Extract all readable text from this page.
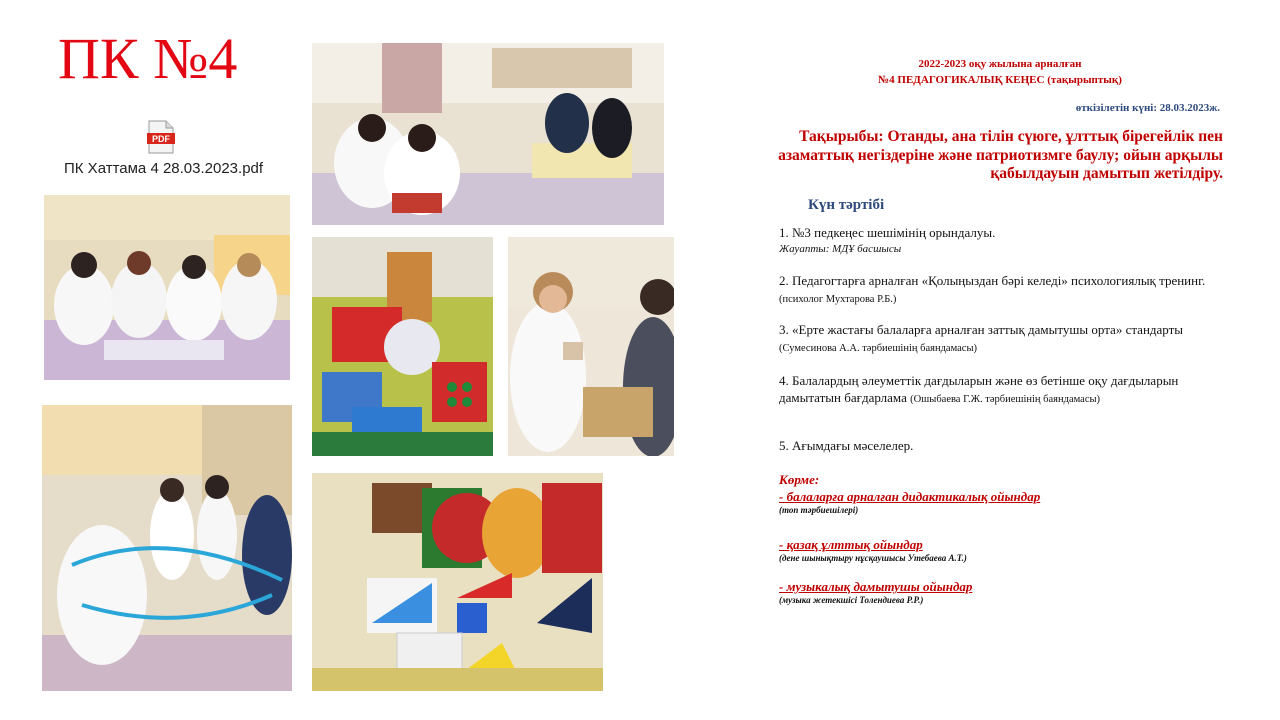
ПК №4
PDF
ПК Хаттама 4 28.03.2023.pdf
2022-2023 оқу жылына арналған
№4 ПЕДАГОГИКАЛЫҚ КЕҢЕС (тақырыптық)
өткізілетін күні: 28.03.2023ж.
Тақырыбы: Отанды, ана тілін сүюге, ұлттық бірегейлік пен азаматтық негіздеріне және патриотизмге баулу; ойын арқылы қабылдауын дамытып жетілдіру.
Күн тәртібі
1. №3 педкеңес шешімінің орындалуы.
Жауапты: МДҰ басшысы
2. Педагогтарға арналған «Қолыңыздан бәрі келеді» психологиялық тренинг. (психолог Мухтарова Р.Б.)
3. «Ерте жастағы балаларға арналған заттық дамытушы орта» стандарты (Сумесинова А.А. тәрбиешінің баяндамасы)
4. Балалардың әлеуметтік дағдыларын және өз бетінше оқу дағдыларын дамытатын бағдарлама (Ошыбаева Г.Ж. тәрбиешінің баяндамасы)
5. Ағымдағы мәселелер.
Көрме:
- балаларға арналған дидактикалық ойындар
(топ тәрбиешілері)
- қазақ ұлттық ойындар
(дене шынықтыру нұсқаушысы Утебаева А.Т.)
- музыкалық дамытушы ойындар
(музыка жетекшісі Толендиева Р.Р.)
